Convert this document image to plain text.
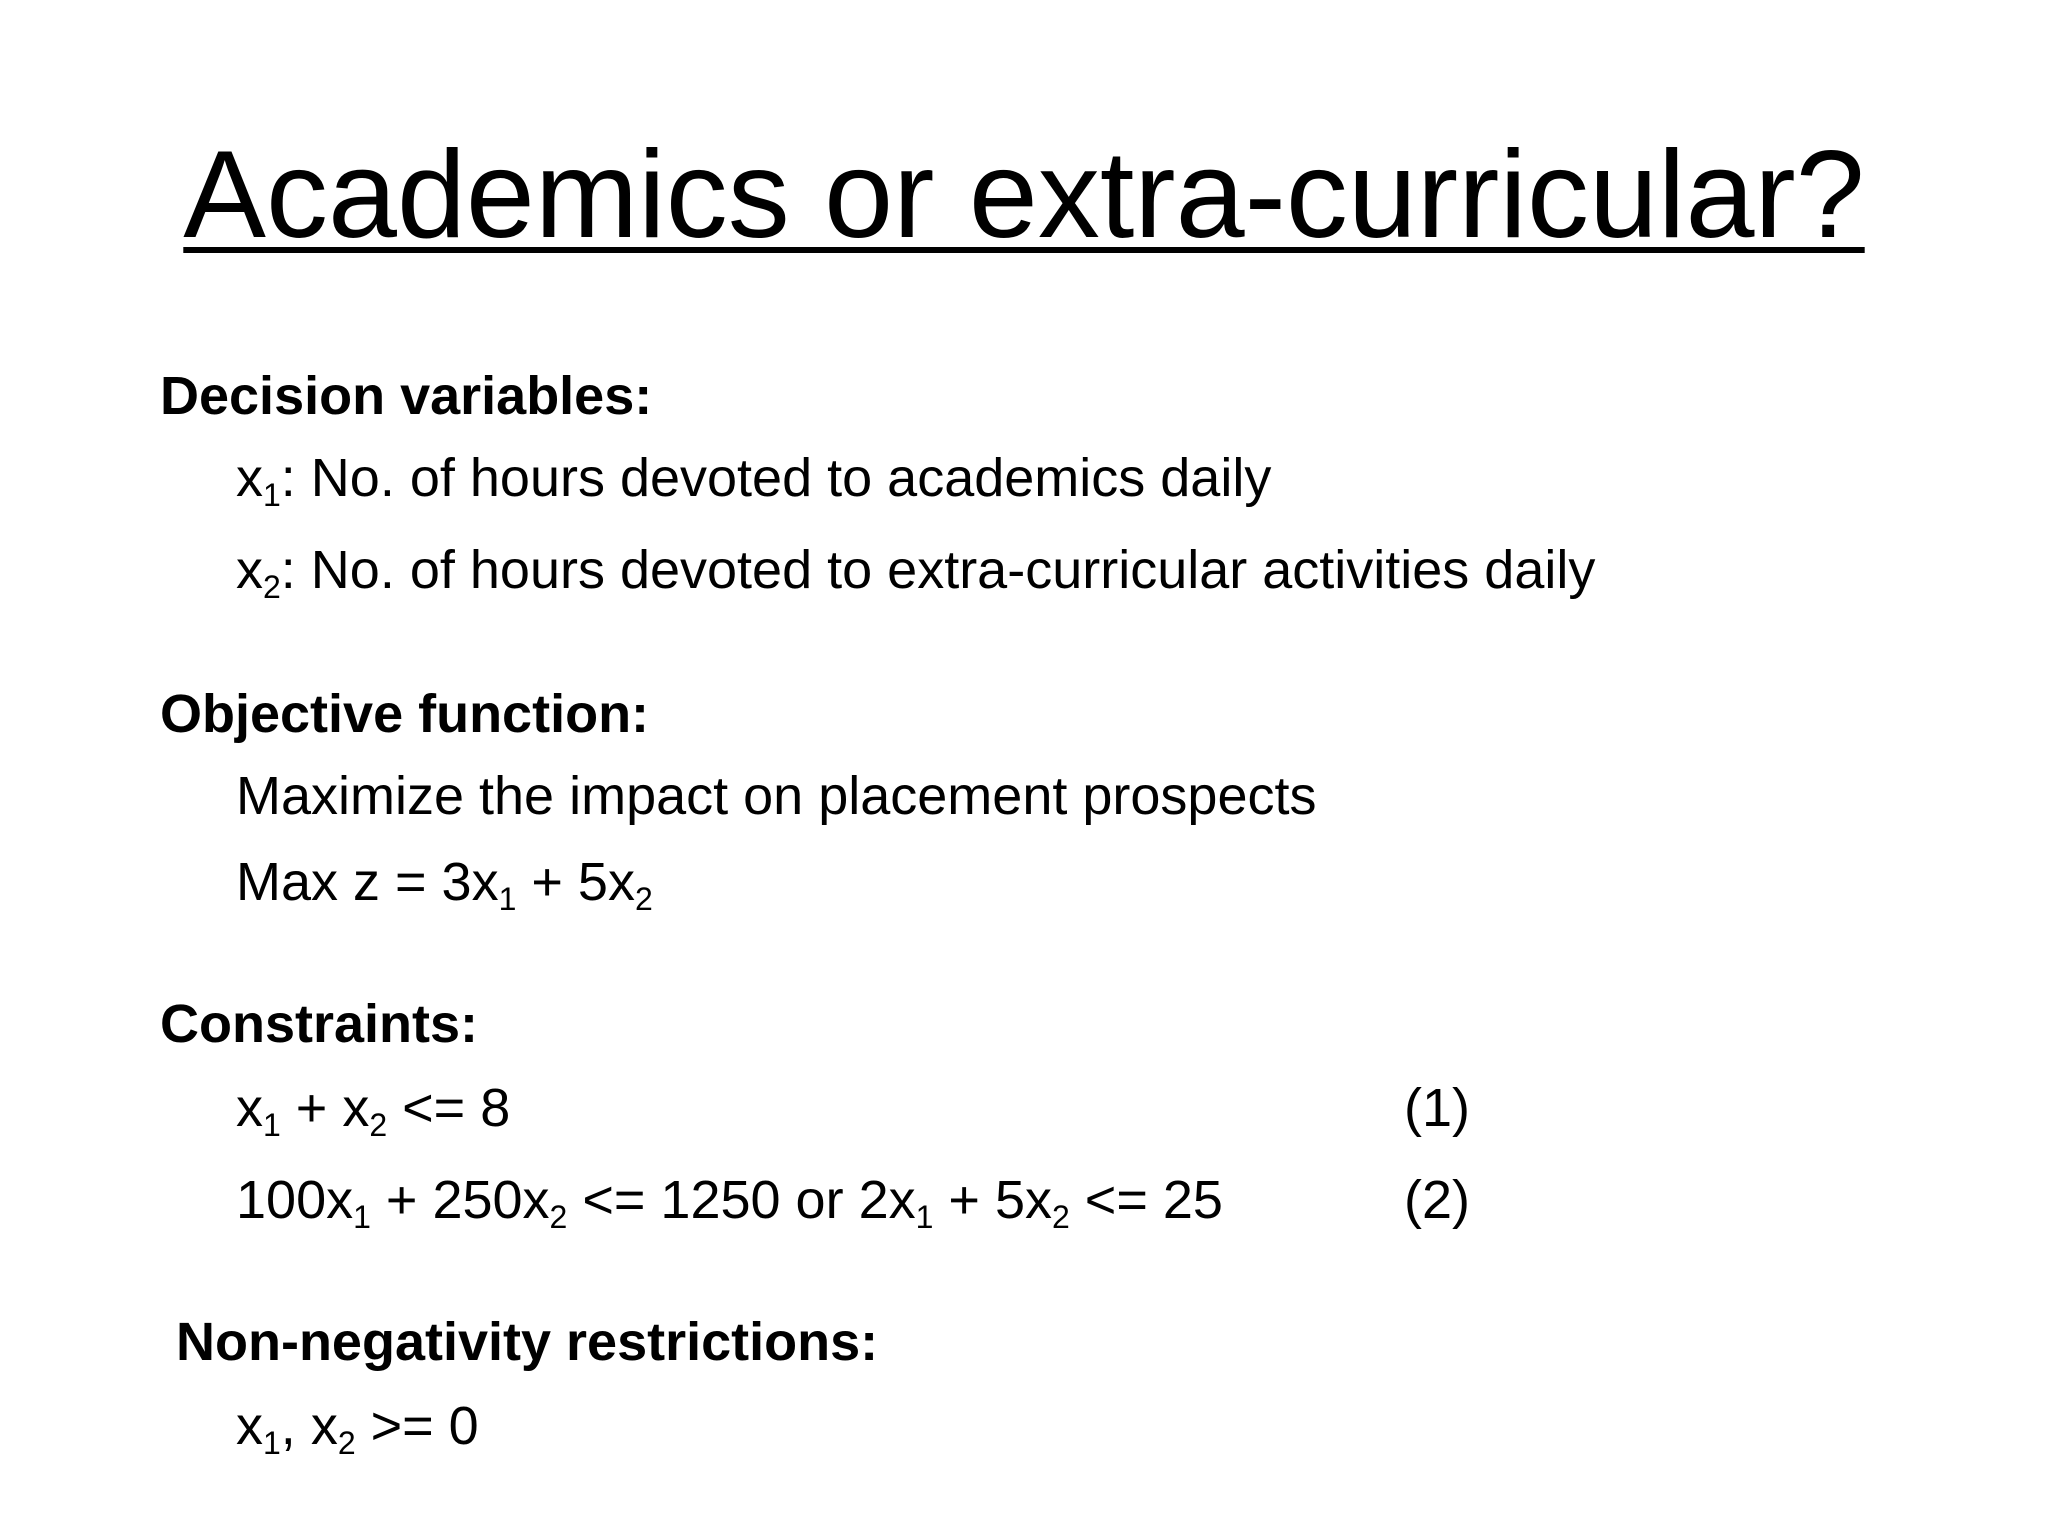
Academics or extra-curricular?
Decision variables:
$x_1$: No. of hours devoted to academics daily
$x_2$: No. of hours devoted to extra-curricular activities daily
Objective function:
Maximize the impact on placement prospects
Max $z = 3x_1 + 5x_2$
Constraints:
$x_1 + x_2 <= 8$	(1)
$100x_1 + 250x_2 <= 1250$ or $2x_1 + 5x_2 <= 25$	(2)
Non-negativity restrictions:
$x_1$, $x_2 >= 0$
